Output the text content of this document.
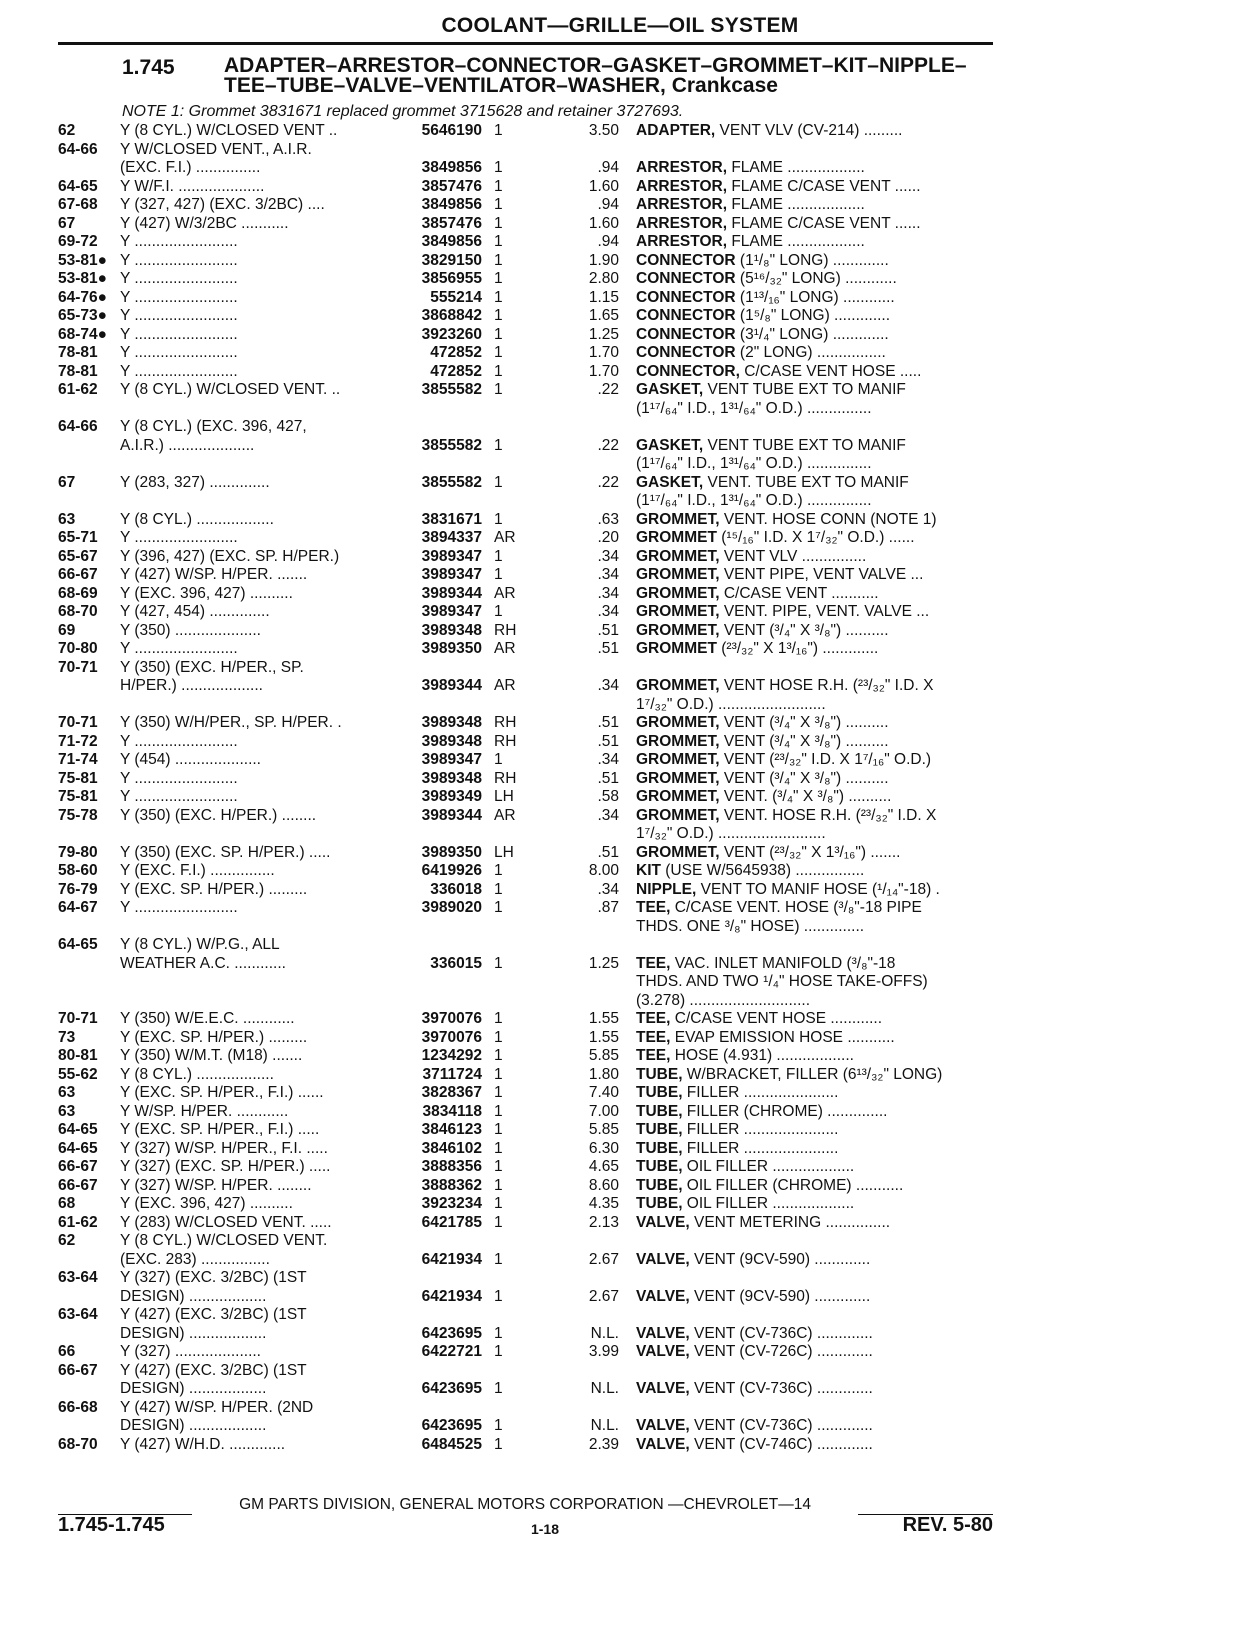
COOLANT—GRILLE—OIL SYSTEM
1.745 ADAPTER–ARRESTOR–CONNECTOR–GASKET–GROMMET–KIT–NIPPLE–TEE–TUBE–VALVE–VENTILATOR–WASHER, Crankcase
NOTE 1: Grommet 3831671 replaced grommet 3715628 and retainer 3727693.
62	Y (8 CYL.) W/CLOSED VENT ..	5646190 1	3.50 ADAPTER, VENT VLV (CV-214) .........
64-66	Y W/CLOSED VENT., A.I.R.
(EXC. F.I.) ...............	3849856 1	.94 ARRESTOR, FLAME ..................
64-65	Y W/F.I. ....................	3857476 1	1.60 ARRESTOR, FLAME C/CASE VENT ......
67-68	Y (327, 427) (EXC. 3/2BC) ....	3849856 1	.94 ARRESTOR, FLAME ..................
67	Y (427) W/3/2BC ...........	3857476 1	1.60 ARRESTOR, FLAME C/CASE VENT ......
69-72	Y ........................	3849856 1	.94 ARRESTOR, FLAME ..................
53-81● Y ........................	3829150 1	1.90 CONNECTOR (1¹/₈" LONG) .............
53-81● Y ........................	3856955 1	2.80 CONNECTOR (5¹⁶/₃₂" LONG) ............
64-76● Y ........................	555214 1	1.15 CONNECTOR (1¹³/₁₆" LONG) ............
65-73● Y ........................	3868842 1	1.65 CONNECTOR (1⁵/₈" LONG) .............
68-74● Y ........................	3923260 1	1.25 CONNECTOR (3¹/₄" LONG) .............
78-81	Y ........................	472852 1	1.70 CONNECTOR (2" LONG) ................
78-81	Y ........................	472852 1	1.70 CONNECTOR, C/CASE VENT HOSE .....
61-62	Y (8 CYL.) W/CLOSED VENT. ..	3855582 1	.22 GASKET, VENT TUBE EXT TO MANIF
(1¹⁷/₆₄" I.D., 1³¹/₆₄" O.D.) ...............
64-66	Y (8 CYL.) (EXC. 396, 427,
A.I.R.) ....................	3855582 1	.22 GASKET, VENT TUBE EXT TO MANIF
(1¹⁷/₆₄" I.D., 1³¹/₆₄" O.D.) ...............
67	Y (283, 327) ..............	3855582 1	.22 GASKET, VENT. TUBE EXT TO MANIF
(1¹⁷/₆₄" I.D., 1³¹/₆₄" O.D.) ...............
63	Y (8 CYL.) ..................	3831671 1	.63 GROMMET, VENT. HOSE CONN (NOTE 1)
65-71	Y ........................	3894337 AR	.20 GROMMET (¹⁵/₁₆" I.D. X 1⁷/₃₂" O.D.) ......
65-67	Y (396, 427) (EXC. SP. H/PER.)	3989347 1	.34 GROMMET, VENT VLV ...............
66-67	Y (427) W/SP. H/PER. .......	3989347 1	.34 GROMMET, VENT PIPE, VENT VALVE ...
68-69	Y (EXC. 396, 427) ..........	3989344 AR	.34 GROMMET, C/CASE VENT ...........
68-70	Y (427, 454) ..............	3989347 1	.34 GROMMET, VENT. PIPE, VENT. VALVE ...
69	Y (350) ....................	3989348 RH	.51 GROMMET, VENT (³/₄" X ³/₈") ..........
70-80	Y ........................	3989350 AR	.51 GROMMET (²³/₃₂" X 1³/₁₆") .............
70-71	Y (350) (EXC. H/PER., SP.
H/PER.) ...................	3989344 AR	.34 GROMMET, VENT HOSE R.H. (²³/₃₂" I.D. X
1⁷/₃₂" O.D.) .........................
70-71	Y (350) W/H/PER., SP. H/PER. .	3989348 RH	.51 GROMMET, VENT (³/₄" X ³/₈") ..........
71-72	Y ........................	3989348 RH	.51 GROMMET, VENT (³/₄" X ³/₈") ..........
71-74	Y (454) ....................	3989347 1	.34 GROMMET, VENT (²³/₃₂" I.D. X 1⁷/₁₆" O.D.)
75-81	Y ........................	3989348 RH	.51 GROMMET, VENT (³/₄" X ³/₈") ..........
75-81	Y ........................	3989349 LH	.58 GROMMET, VENT. (³/₄" X ³/₈") ..........
75-78	Y (350) (EXC. H/PER.) ........	3989344 AR	.34 GROMMET, VENT. HOSE R.H. (²³/₃₂" I.D. X
1⁷/₃₂" O.D.) .........................
79-80	Y (350) (EXC. SP. H/PER.) .....	3989350 LH	.51 GROMMET, VENT (²³/₃₂" X 1³/₁₆") .......
58-60	Y (EXC. F.I.) ...............	6419926 1	8.00 KIT (USE W/5645938) ................
76-79	Y (EXC. SP. H/PER.) .........	336018 1	.34 NIPPLE, VENT TO MANIF HOSE (¹/₁₄"-18) .
64-67	Y ........................	3989020 1	.87 TEE, C/CASE VENT. HOSE (³/₈"-18 PIPE
THDS. ONE ³/₈" HOSE) ..............
64-65	Y (8 CYL.) W/P.G., ALL
WEATHER A.C. ............	336015 1	1.25 TEE, VAC. INLET MANIFOLD (³/₈"-18
THDS. AND TWO ¹/₄" HOSE TAKE-OFFS)
(3.278) ............................
70-71	Y (350) W/E.E.C. ............	3970076 1	1.55 TEE, C/CASE VENT HOSE ............
73	Y (EXC. SP. H/PER.) .........	3970076 1	1.55 TEE, EVAP EMISSION HOSE ...........
80-81	Y (350) W/M.T. (M18) .......	1234292 1	5.85 TEE, HOSE (4.931) ..................
55-62	Y (8 CYL.) ..................	3711724 1	1.80 TUBE, W/BRACKET, FILLER (6¹³/₃₂" LONG)
63	Y (EXC. SP. H/PER., F.I.) ......	3828367 1	7.40 TUBE, FILLER ......................
63	Y W/SP. H/PER. ............	3834118 1	7.00 TUBE, FILLER (CHROME) ..............
64-65	Y (EXC. SP. H/PER., F.I.) .....	3846123 1	5.85 TUBE, FILLER ......................
64-65	Y (327) W/SP. H/PER., F.I. .....	3846102 1	6.30 TUBE, FILLER ......................
66-67	Y (327) (EXC. SP. H/PER.) .....	3888356 1	4.65 TUBE, OIL FILLER ...................
66-67	Y (327) W/SP. H/PER. ........	3888362 1	8.60 TUBE, OIL FILLER (CHROME) ...........
68	Y (EXC. 396, 427) ..........	3923234 1	4.35 TUBE, OIL FILLER ...................
61-62	Y (283) W/CLOSED VENT. .....	6421785 1	2.13 VALVE, VENT METERING ...............
62	Y (8 CYL.) W/CLOSED VENT.
(EXC. 283) ................	6421934 1	2.67 VALVE, VENT (9CV-590) .............
63-64	Y (327) (EXC. 3/2BC) (1ST
DESIGN) ..................	6421934 1	2.67 VALVE, VENT (9CV-590) .............
63-64	Y (427) (EXC. 3/2BC) (1ST
DESIGN) ..................	6423695 1	N.L. VALVE, VENT (CV-736C) .............
66	Y (327) ....................	6422721 1	3.99 VALVE, VENT (CV-726C) .............
66-67	Y (427) (EXC. 3/2BC) (1ST
DESIGN) ..................	6423695 1	N.L. VALVE, VENT (CV-736C) .............
66-68	Y (427) W/SP. H/PER. (2ND
DESIGN) ..................	6423695 1	N.L. VALVE, VENT (CV-736C) .............
68-70	Y (427) W/H.D. .............	6484525 1	2.39 VALVE, VENT (CV-746C) .............
GM PARTS DIVISION, GENERAL MOTORS CORPORATION —CHEVROLET—14
1.745-1.745	1-18	REV. 5-80
